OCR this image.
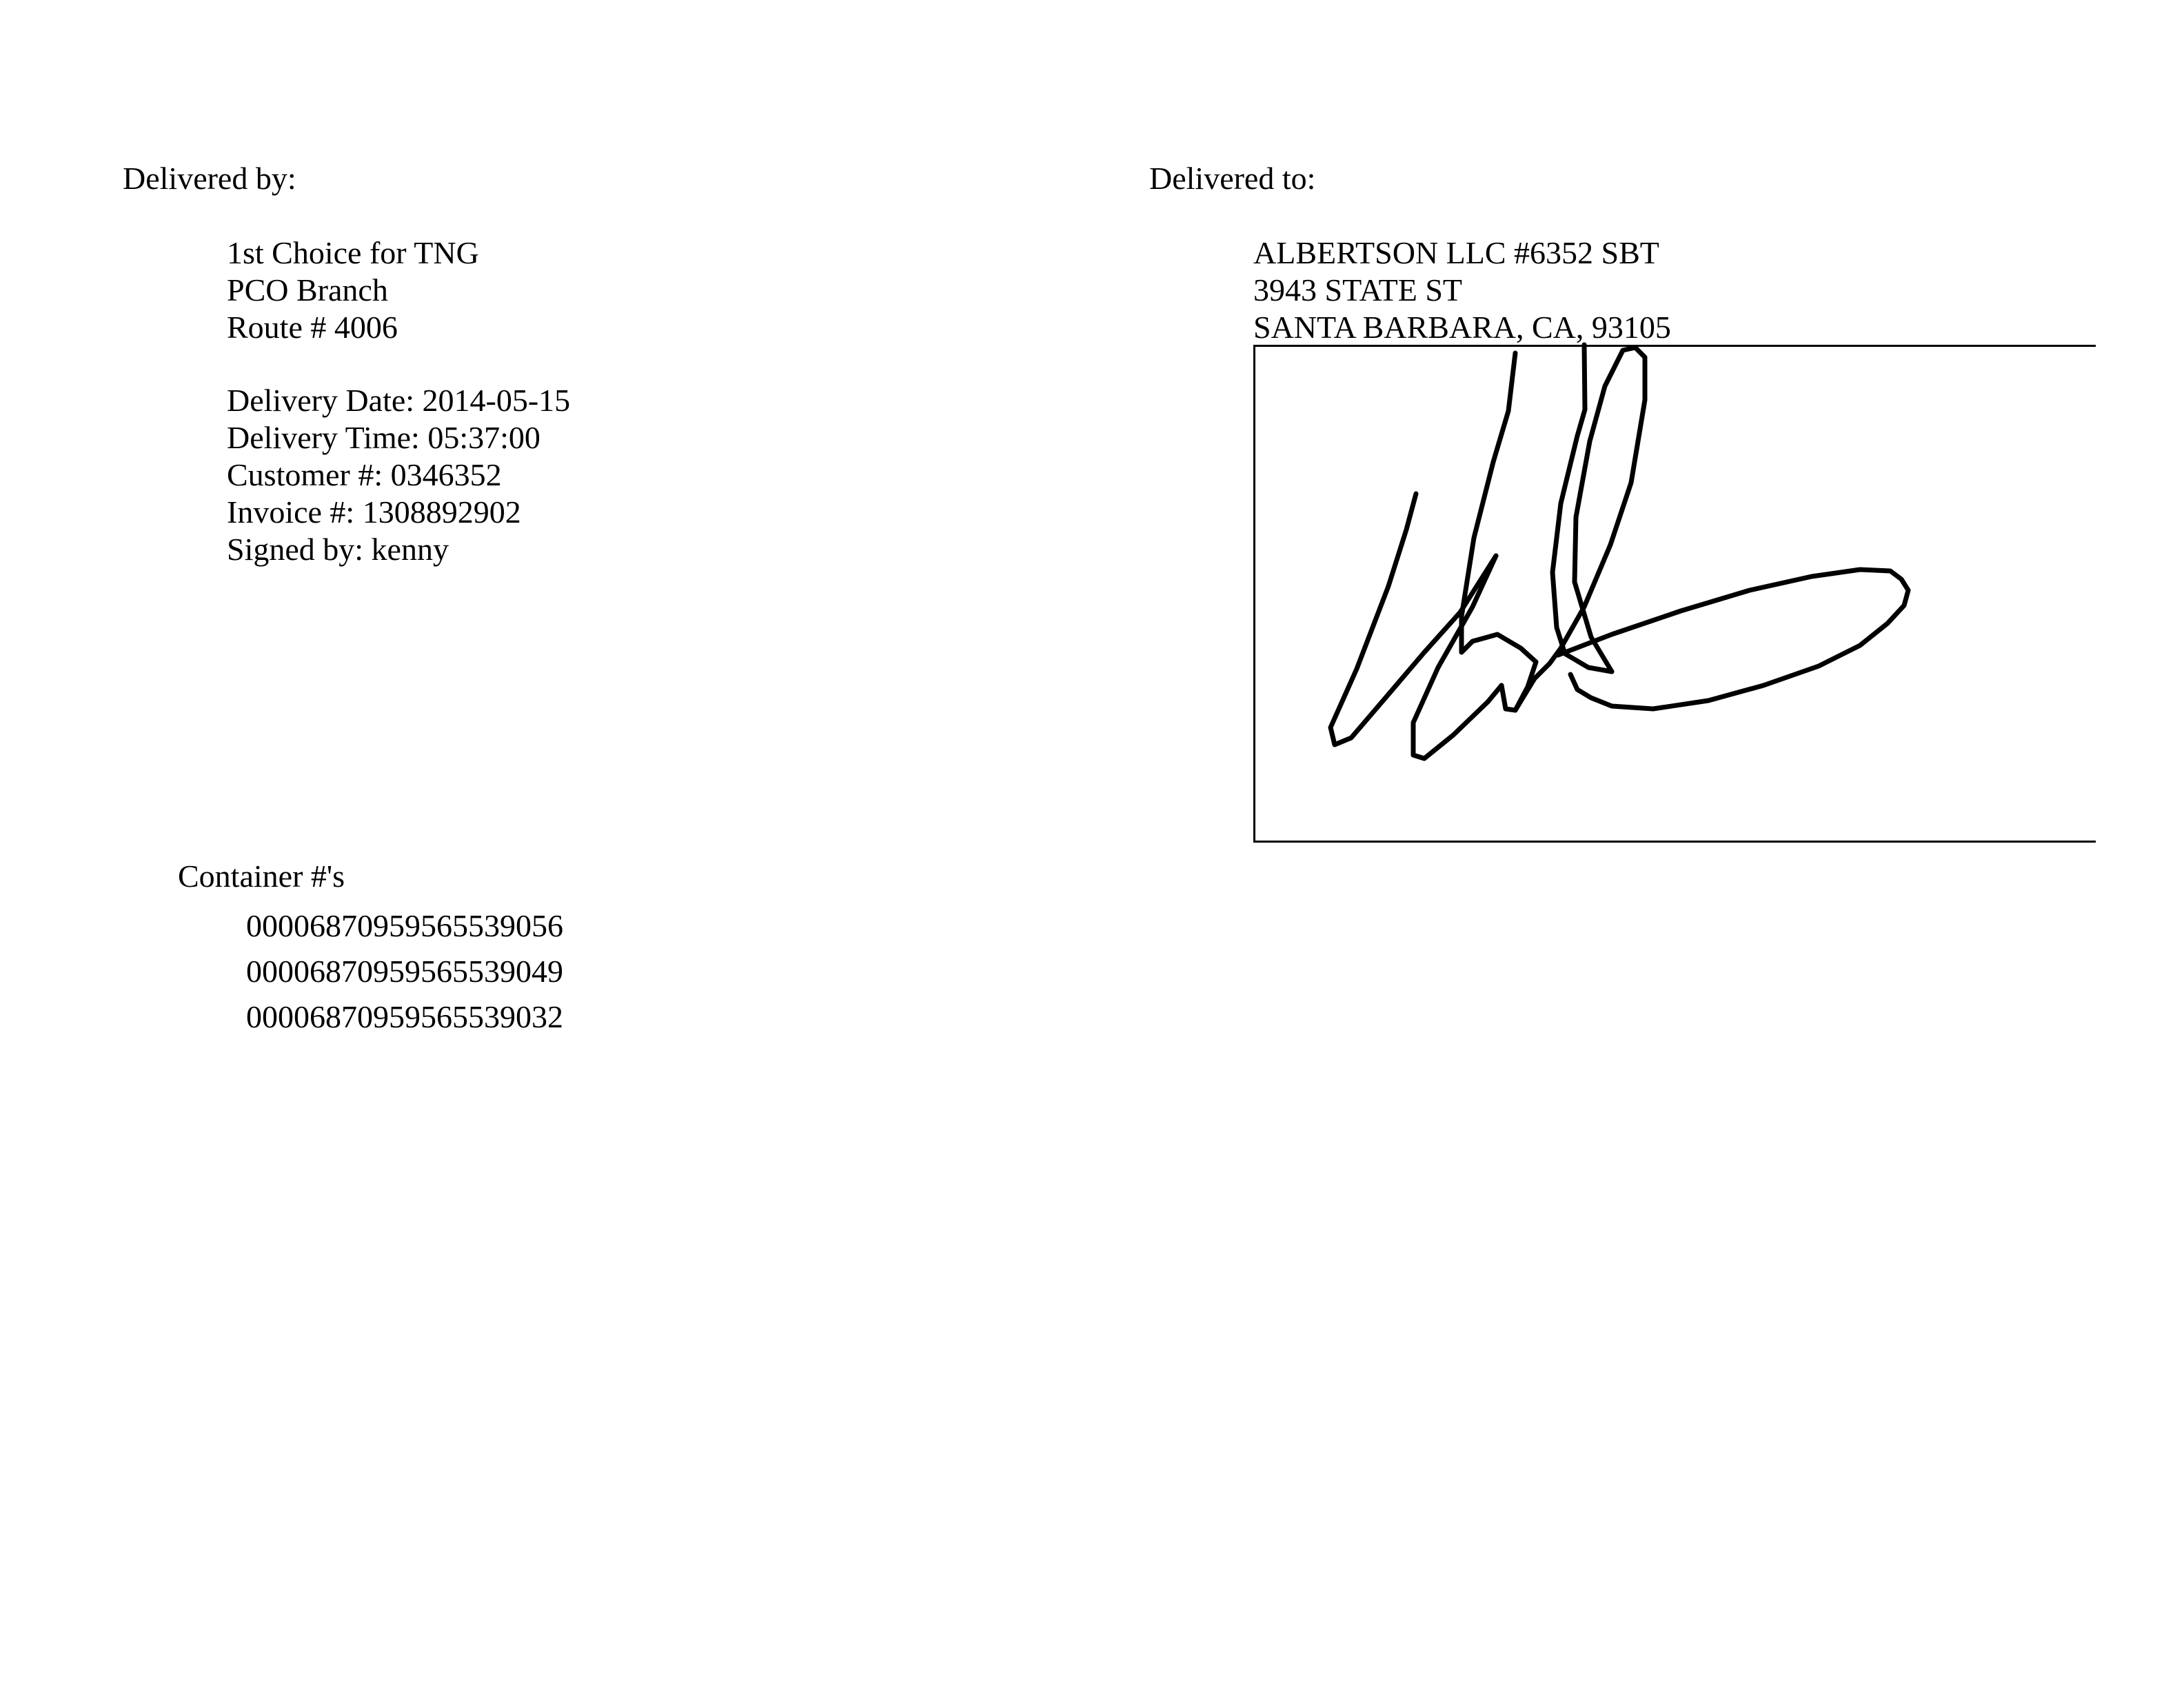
Delivered by:
1st Choice for TNG
PCO Branch
Route # 4006
Delivery Date: 2014-05-15
Delivery Time: 05:37:00
Customer #: 0346352
Invoice #: 1308892902
Signed by: kenny
Delivered to:
ALBERTSON LLC #6352 SBT
3943 STATE ST
SANTA BARBARA, CA, 93105
Container #'s
00006870959565539056
00006870959565539049
00006870959565539032
